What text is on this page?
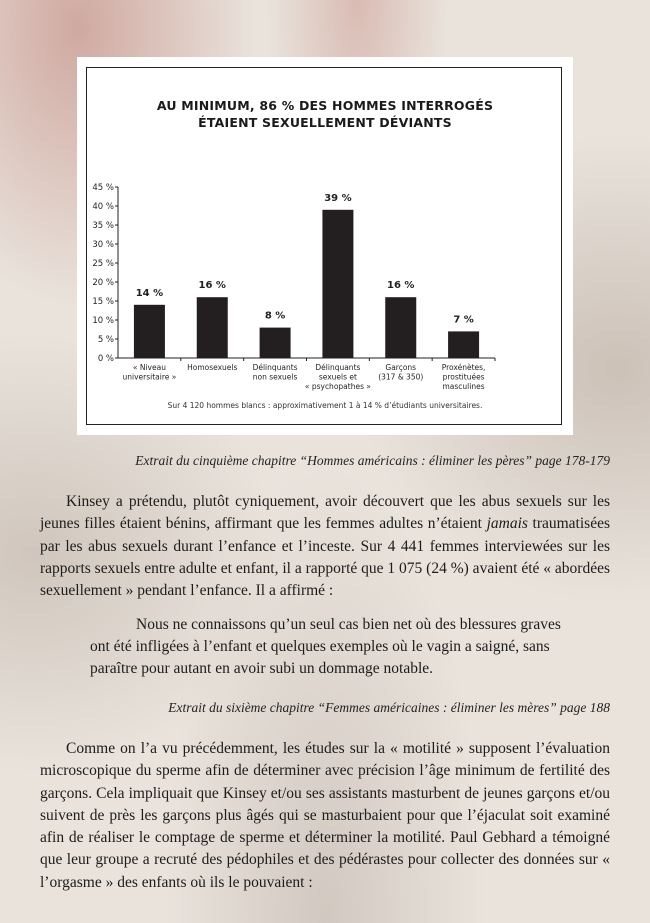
AU MINIMUM, 86 % DES HOMMES INTERROGÉS
ÉTAIENT SEXUELLEMENT DÉVIANTS
0 %
5 %
10 %
15 %
20 %
25 %
30 %
35 %
40 %
45 %
14 %
« Niveau
universitaire »
16 %
Homosexuels
8 %
Délinquants
non sexuels
39 %
Délinquants
sexuels et
« psychopathes »
16 %
Garçons
(317 & 350)
7 %
Proxénètes,
prostituées
masculines
Sur 4 120 hommes blancs : approximativement 1 à 14 % d’étudiants universitaires.
Extrait du cinquième chapitre “Hommes américains : éliminer les pères” page 178-179
Kinsey a prétendu, plutôt cyniquement, avoir découvert que les abus sexuels sur les jeunes filles étaient bénins, affirmant que les femmes adultes n’étaient jamais traumatisées par les abus sexuels durant l’enfance et l’inceste. Sur 4 441 femmes interviewées sur les rapports sexuels entre adulte et enfant, il a rapporté que 1 075 (24 %) avaient été « abordées sexuellement » pendant l’enfance. Il a affirmé :
Nous ne connaissons qu’un seul cas bien net où des blessures graves ont été infligées à l’enfant et quelques exemples où le vagin a saigné, sans paraître pour autant en avoir subi un dommage notable.
Extrait du sixième chapitre “Femmes américaines : éliminer les mères” page 188
Comme on l’a vu précédemment, les études sur la « motilité » supposent l’évaluation microscopique du sperme afin de déterminer avec précision l’âge minimum de fertilité des garçons. Cela impliquait que Kinsey et/ou ses assistants masturbent de jeunes garçons et/ou suivent de près les garçons plus âgés qui se masturbaient pour que l’éjaculat soit examiné afin de réaliser le comptage de sperme et déterminer la motilité. Paul Gebhard a témoigné que leur groupe a recruté des pédophiles et des pédérastes pour collecter des données sur « l’orgasme » des enfants où ils le pouvaient :
